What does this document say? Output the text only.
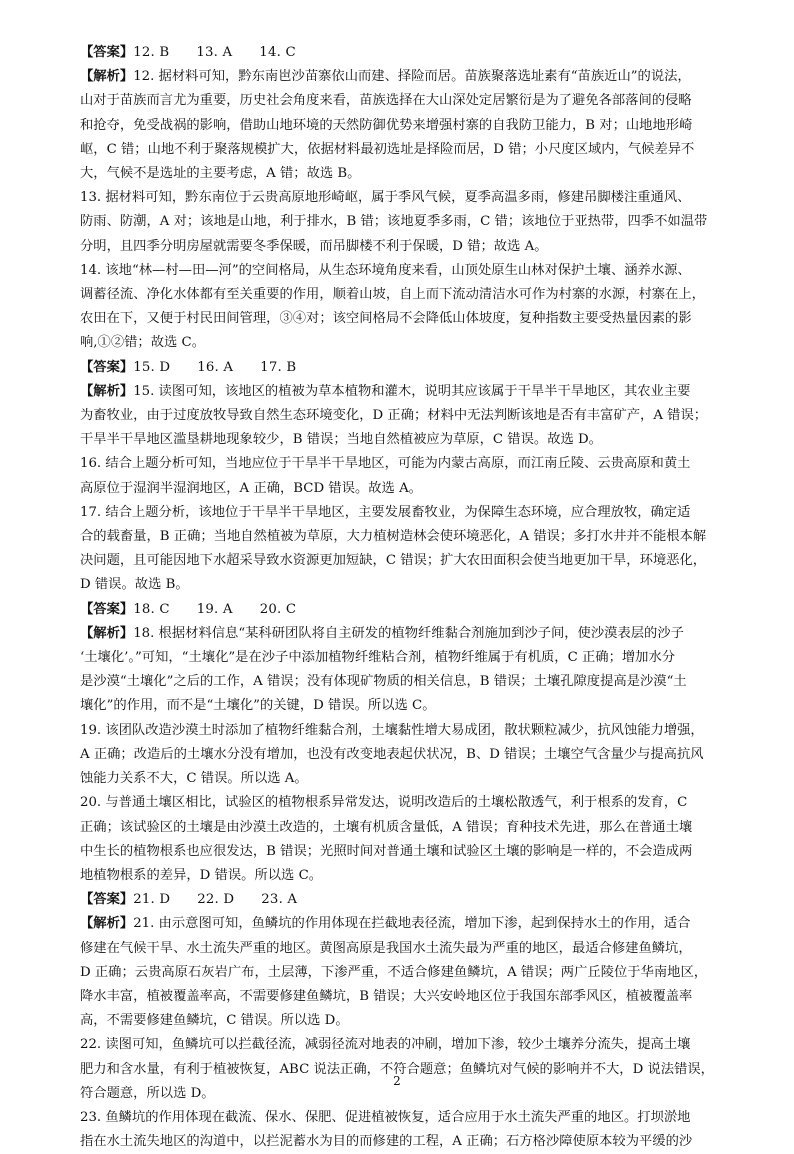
【答案】12. B　　13. A　　14. C

【解析】12. 据材料可知，黔东南岜沙苗寨依山而建、择险而居。苗族聚落选址素有“苗族近山”的说法，

山对于苗族而言尤为重要，历史社会角度来看，苗族选择在大山深处定居繁衍是为了避免各部落间的侵略

和抢夺，免受战祸的影响，借助山地环境的天然防御优势来增强村寨的自我防卫能力，B 对；山地地形崎

岖，C 错；山地不利于聚落规模扩大，依据材料最初选址是择险而居，D 错；小尺度区域内，气候差异不

大，气候不是选址的主要考虑，A 错；故选 B。

13. 据材料可知，黔东南位于云贵高原地形崎岖，属于季风气候，夏季高温多雨，修建吊脚楼注重通风、

防雨、防潮，A 对；该地是山地，利于排水，B 错；该地夏季多雨，C 错；该地位于亚热带，四季不如温带

分明，且四季分明房屋就需要冬季保暖，而吊脚楼不利于保暖，D 错；故选 A。

14. 该地“林—村—田—河”的空间格局，从生态环境角度来看，山顶处原生山林对保护土壤、涵养水源、

调蓄径流、净化水体都有至关重要的作用，顺着山坡，自上而下流动清洁水可作为村寨的水源，村寨在上，

农田在下，又便于村民田间管理，③④对；该空间格局不会降低山体坡度，复种指数主要受热量因素的影

响,①②错；故选 C。

【答案】15. D　　16. A　　17. B

【解析】15. 读图可知，该地区的植被为草本植物和灌木，说明其应该属于干旱半干旱地区，其农业主要

为畜牧业，由于过度放牧导致自然生态环境变化，D 正确；材料中无法判断该地是否有丰富矿产，A 错误；

干旱半干旱地区滥垦耕地现象较少，B 错误；当地自然植被应为草原，C 错误。故选 D。

16. 结合上题分析可知，当地应位于干旱半干旱地区，可能为内蒙古高原，而江南丘陵、云贵高原和黄土

高原位于湿润半湿润地区，A 正确，BCD 错误。故选 A。

17. 结合上题分析，该地位于干旱半干旱地区，主要发展畜牧业，为保障生态环境，应合理放牧，确定适

合的载畜量，B 正确；当地自然植被为草原，大力植树造林会使环境恶化，A 错误；多打水井并不能根本解

决问题，且可能因地下水超采导致水资源更加短缺，C 错误；扩大农田面积会使当地更加干旱，环境恶化，

D 错误。故选 B。

【答案】18. C　　19. A　　20. C

【解析】18. 根据材料信息“某科研团队将自主研发的植物纤维黏合剂施加到沙子间，使沙漠表层的沙子

‘土壤化’。”可知，“土壤化”是在沙子中添加植物纤维粘合剂，植物纤维属于有机质，C 正确；增加水分

是沙漠“土壤化”之后的工作，A 错误；没有体现矿物质的相关信息，B 错误；土壤孔隙度提高是沙漠“土

壤化”的作用，而不是“土壤化”的关键，D 错误。所以选 C。

19. 该团队改造沙漠土时添加了植物纤维黏合剂，土壤黏性增大易成团，散状颗粒减少，抗风蚀能力增强，

A 正确；改造后的土壤水分没有增加，也没有改变地表起伏状况，B、D 错误；土壤空气含量少与提高抗风

蚀能力关系不大，C 错误。所以选 A。

20. 与普通土壤区相比，试验区的植物根系异常发达，说明改造后的土壤松散透气，利于根系的发育，C

正确；该试验区的土壤是由沙漠土改造的，土壤有机质含量低，A 错误；育种技术先进，那么在普通土壤

中生长的植物根系也应很发达，B 错误；光照时间对普通土壤和试验区土壤的影响是一样的，不会造成两

地植物根系的差异，D 错误。所以选 C。

【答案】21. D　　22. D　　23. A

【解析】21. 由示意图可知，鱼鳞坑的作用体现在拦截地表径流，增加下渗，起到保持水土的作用，适合

修建在气候干旱、水土流失严重的地区。黄图高原是我国水土流失最为严重的地区，最适合修建鱼鳞坑，

D 正确；云贵高原石灰岩广布，土层薄，下渗严重，不适合修建鱼鳞坑，A 错误；两广丘陵位于华南地区，

降水丰富，植被覆盖率高，不需要修建鱼鳞坑，B 错误；大兴安岭地区位于我国东部季风区，植被覆盖率

高，不需要修建鱼鳞坑，C 错误。所以选 D。

22. 读图可知，鱼鳞坑可以拦截径流，减弱径流对地表的冲刷，增加下渗，较少土壤养分流失，提高土壤

肥力和含水量，有利于植被恢复，ABC 说法正确，不符合题意；鱼鳞坑对气候的影响并不大，D 说法错误，

符合题意，所以选 D。

23. 鱼鳞坑的作用体现在截流、保水、保肥、促进植被恢复，适合应用于水土流失严重的地区。打坝淤地

指在水土流失地区的沟道中，以拦泥蓄水为目的而修建的工程，A 正确；石方格沙障使原本较为平缓的沙

2
